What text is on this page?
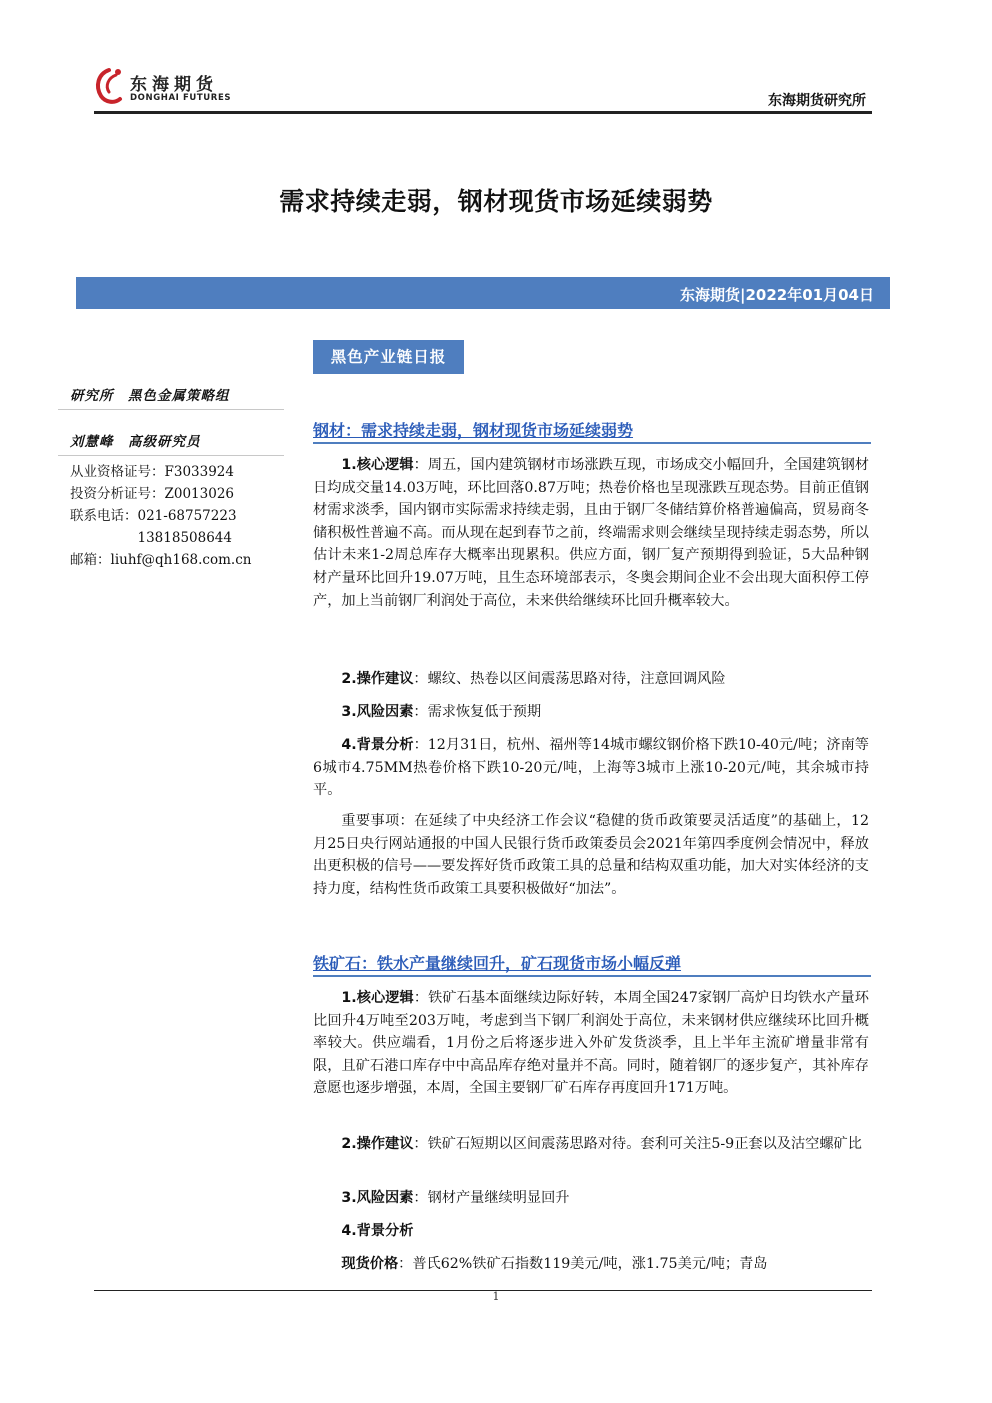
东海期货
DONGHAI FUTURES	东海期货研究所
需求持续走弱，钢材现货市场延续弱势
东海期货|2022年01月04日
黑色产业链日报
研究所　黑色金属策略组
刘慧峰　高级研究员
从业资格证号：F3033924
投资分析证号：Z0013026
联系电话：021-68757223
　　　　　13818508644
邮箱：liuhf@qh168.com.cn
钢材：需求持续走弱，钢材现货市场延续弱势

1.核心逻辑：周五，国内建筑钢材市场涨跌互现，市场成交小幅回升，全国建筑钢材日均成交量14.03万吨，环比回落0.87万吨；热卷价格也呈现涨跌互现态势。目前正值钢材需求淡季，国内钢市实际需求持续走弱，且由于钢厂冬储结算价格普遍偏高，贸易商冬储积极性普遍不高。而从现在起到春节之前，终端需求则会继续呈现持续走弱态势，所以估计未来1-2周总库存大概率出现累积。供应方面，钢厂复产预期得到验证，5大品种钢材产量环比回升19.07万吨，且生态环境部表示，冬奥会期间企业不会出现大面积停工停产，加上当前钢厂利润处于高位，未来供给继续环比回升概率较大。

2.操作建议：螺纹、热卷以区间震荡思路对待，注意回调风险

3.风险因素：需求恢复低于预期

4.背景分析：12月31日，杭州、福州等14城市螺纹钢价格下跌10-40元/吨；济南等6城市4.75MM热卷价格下跌10-20元/吨，上海等3城市上涨10-20元/吨，其余城市持平。

重要事项：在延续了中央经济工作会议“稳健的货币政策要灵活适度”的基础上，12月25日央行网站通报的中国人民银行货币政策委员会2021年第四季度例会情况中，释放出更积极的信号——要发挥好货币政策工具的总量和结构双重功能，加大对实体经济的支持力度，结构性货币政策工具要积极做好“加法”。

铁矿石：铁水产量继续回升，矿石现货市场小幅反弹

1.核心逻辑：铁矿石基本面继续边际好转，本周全国247家钢厂高炉日均铁水产量环比回升4万吨至203万吨，考虑到当下钢厂利润处于高位，未来钢材供应继续环比回升概率较大。供应端看，1月份之后将逐步进入外矿发货淡季，且上半年主流矿增量非常有限，且矿石港口库存中中高品库存绝对量并不高。同时，随着钢厂的逐步复产，其补库存意愿也逐步增强，本周，全国主要钢厂矿石库存再度回升171万吨。

2.操作建议：铁矿石短期以区间震荡思路对待。套利可关注5-9正套以及沽空螺矿比

3.风险因素：钢材产量继续明显回升

4.背景分析

现货价格：普氏62%铁矿石指数119美元/吨，涨1.75美元/吨；青岛

1
